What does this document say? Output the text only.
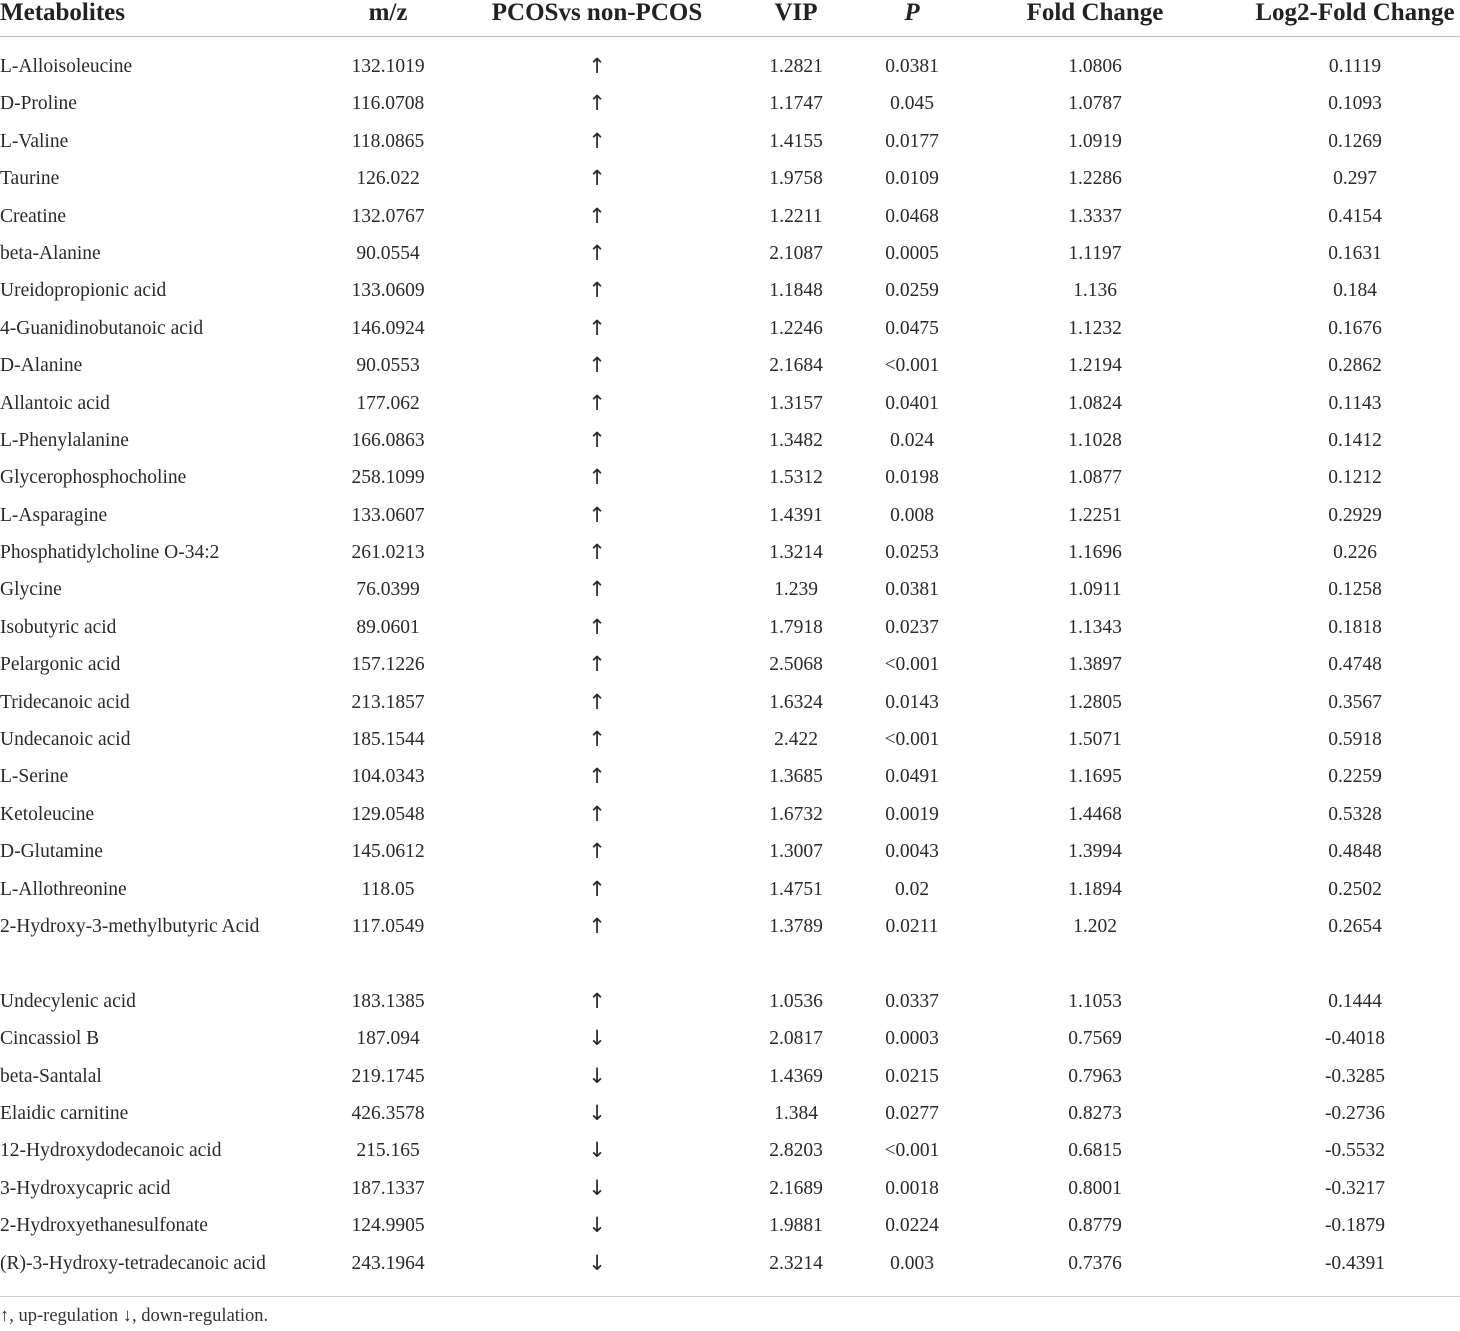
Metabolites	m/z	PCOSvs non-PCOS	VIP	P	Fold Change	Log2-Fold Change
L-Alloisoleucine	132.1019	↑	1.2821	0.0381	1.0806	0.1119
D-Proline	116.0708	↑	1.1747	0.045	1.0787	0.1093
L-Valine	118.0865	↑	1.4155	0.0177	1.0919	0.1269
Taurine	126.022	↑	1.9758	0.0109	1.2286	0.297
Creatine	132.0767	↑	1.2211	0.0468	1.3337	0.4154
beta-Alanine	90.0554	↑	2.1087	0.0005	1.1197	0.1631
Ureidopropionic acid	133.0609	↑	1.1848	0.0259	1.136	0.184
4-Guanidinobutanoic acid	146.0924	↑	1.2246	0.0475	1.1232	0.1676
D-Alanine	90.0553	↑	2.1684	<0.001	1.2194	0.2862
Allantoic acid	177.062	↑	1.3157	0.0401	1.0824	0.1143
L-Phenylalanine	166.0863	↑	1.3482	0.024	1.1028	0.1412
Glycerophosphocholine	258.1099	↑	1.5312	0.0198	1.0877	0.1212
L-Asparagine	133.0607	↑	1.4391	0.008	1.2251	0.2929
Phosphatidylcholine O-34:2	261.0213	↑	1.3214	0.0253	1.1696	0.226
Glycine	76.0399	↑	1.239	0.0381	1.0911	0.1258
Isobutyric acid	89.0601	↑	1.7918	0.0237	1.1343	0.1818
Pelargonic acid	157.1226	↑	2.5068	<0.001	1.3897	0.4748
Tridecanoic acid	213.1857	↑	1.6324	0.0143	1.2805	0.3567
Undecanoic acid	185.1544	↑	2.422	<0.001	1.5071	0.5918
L-Serine	104.0343	↑	1.3685	0.0491	1.1695	0.2259
Ketoleucine	129.0548	↑	1.6732	0.0019	1.4468	0.5328
D-Glutamine	145.0612	↑	1.3007	0.0043	1.3994	0.4848
L-Allothreonine	118.05	↑	1.4751	0.02	1.1894	0.2502
2-Hydroxy-3-methylbutyric Acid	117.0549	↑	1.3789	0.0211	1.202	0.2654
Undecylenic acid	183.1385	↑	1.0536	0.0337	1.1053	0.1444
Cincassiol B	187.094	↓	2.0817	0.0003	0.7569	-0.4018
beta-Santalal	219.1745	↓	1.4369	0.0215	0.7963	-0.3285
Elaidic carnitine	426.3578	↓	1.384	0.0277	0.8273	-0.2736
12-Hydroxydodecanoic acid	215.165	↓	2.8203	<0.001	0.6815	-0.5532
3-Hydroxycapric acid	187.1337	↓	2.1689	0.0018	0.8001	-0.3217
2-Hydroxyethanesulfonate	124.9905	↓	1.9881	0.0224	0.8779	-0.1879
(R)-3-Hydroxy-tetradecanoic acid	243.1964	↓	2.3214	0.003	0.7376	-0.4391
↑, up-regulation ↓, down-regulation.
